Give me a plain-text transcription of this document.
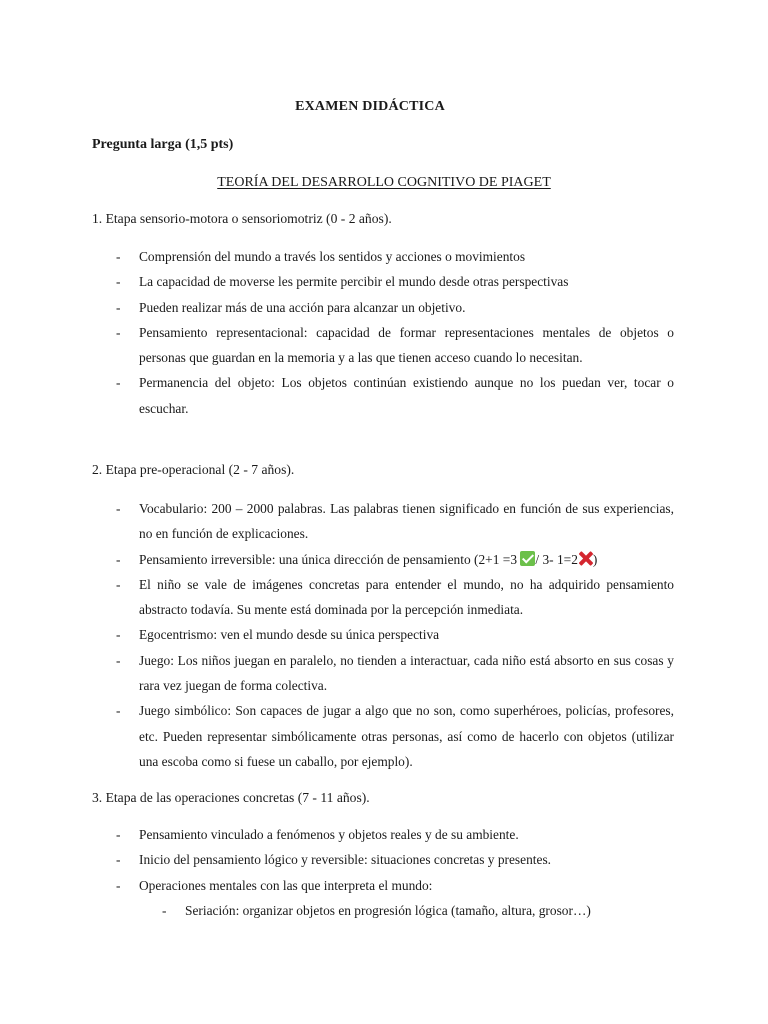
EXAMEN DIDÁCTICA
Pregunta larga (1,5 pts)
TEORÍA DEL DESARROLLO COGNITIVO DE PIAGET
1. Etapa sensorio-motora o sensoriomotriz (0 - 2 años).
- Comprensión del mundo a través los sentidos y acciones o movimientos
- La capacidad de moverse les permite percibir el mundo desde otras perspectivas
- Pueden realizar más de una acción para alcanzar un objetivo.
- Pensamiento representacional: capacidad de formar representaciones mentales de objetos o personas que guardan en la memoria y a las que tienen acceso cuando lo necesitan.
- Permanencia del objeto: Los objetos continúan existiendo aunque no los puedan ver, tocar o escuchar.
2. Etapa pre-operacional (2 - 7 años).
- Vocabulario: 200 – 2000 palabras. Las palabras tienen significado en función de sus experiencias, no en función de explicaciones.
- Pensamiento irreversible: una única dirección de pensamiento (2+1 =3 / 3- 1=2 )
- El niño se vale de imágenes concretas para entender el mundo, no ha adquirido pensamiento abstracto todavía. Su mente está dominada por la percepción inmediata.
- Egocentrismo: ven el mundo desde su única perspectiva
- Juego: Los niños juegan en paralelo, no tienden a interactuar, cada niño está absorto en sus cosas y rara vez juegan de forma colectiva.
- Juego simbólico: Son capaces de jugar a algo que no son, como superhéroes, policías, profesores, etc. Pueden representar simbólicamente otras personas, así como de hacerlo con objetos (utilizar una escoba como si fuese un caballo, por ejemplo).
3. Etapa de las operaciones concretas (7 - 11 años).
- Pensamiento vinculado a fenómenos y objetos reales y de su ambiente.
- Inicio del pensamiento lógico y reversible: situaciones concretas y presentes.
- Operaciones mentales con las que interpreta el mundo:
- Seriación: organizar objetos en progresión lógica (tamaño, altura, grosor…)
